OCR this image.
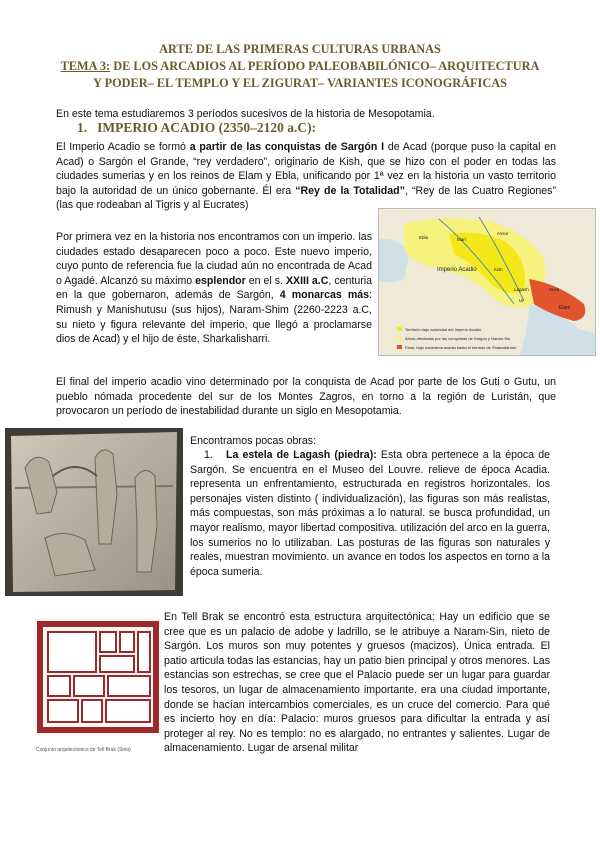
ARTE DE LAS PRIMERAS CULTURAS URBANAS
TEMA 3: DE LOS ARCADIOS AL PERÍODO PALEOBABILÓNICO– ARQUITECTURA
Y PODER– EL TEMPLO Y EL ZIGURAT– VARIANTES ICONOGRÁFICAS
En este tema estudiaremos 3 períodos sucesivos de la historia de Mesopotamia.
1. IMPERIO ACADIO (2350–2120 a.C):
El Imperio Acadio se formó a partir de las conquistas de Sargón I de Acad (porque puso la capital en Acad) o Sargón el Grande, “rey verdadero”, originario de Kish, que se hizo con el poder en todas las ciudades sumerias y en los reinos de Elam y Ebla, unificando por 1ª vez en la historia un vasto territorio bajo la autoridad de un único gobernante. Él era “Rey de la Totalidad”, “Rey de las Cuatro Regiones” (las que rodeaban al Tigris y al Eucrates)
Por primera vez en la historia nos encontramos con un imperio. las ciudades estado desaparecen poco a poco. Este nuevo imperio, cuyo punto de referencia fue la ciudad aún no encontrada de Acad o Agadé. Alcanzó su máximo esplendor en el s. XXIII a.C, centuria en la que gobernaron, además de Sargón, 4 monarcas más: Rimush y Manishutusu (sus hijos), Naram-Shim (2260-2223 a.C, su nieto y figura relevante del imperio, que llegó a proclamarse dios de Acad) y el hijo de éste, Sharkalisharri.
Imperio Acadio
Ebla	Mari
Assur
Kish
Lagash
Ur
Susa
Elam
Territorio bajo autoridad del Imperio Acadio
Áreas afectadas por las conquistas de Sargón y Naram-Sin
Elam, bajo soberanía acadia hasta el reinado de Sharkalisharri
El final del imperio acadio vino determinado por la conquista de Acad por parte de los Guti o Gutu, un pueblo nómada procedente del sur de los Montes Zagros, en torno a la región de Luristán, que provocaron un período de inestabilidad durante un siglo en Mesopotamia.
Encontramos pocas obras:
1. La estela de Lagash (piedra): Esta obra pertenece a la época de Sargón. Se encuentra en el Museo del Louvre. relieve de época Acadia. representa un enfrentamiento, estructurada en registros horizontales. los personajes visten distinto ( individualización), las figuras son más realistas, más compuestas, son más próximas a lo natural. se busca profundidad, un mayor realismo, mayor libertad compositiva. utilización del arco en la guerra, los sumerios no lo utilizaban. Las posturas de las figuras son naturales y reales, muestran movimiento. un avance en todos los aspectos en torno a la época sumeria.
Conjunto arquitectónico de Tell Brak (Siria)
En Tell Brak se encontró esta estructura arquitectónica: Hay un edificio que se cree que es un palacio de adobe y ladrillo, se le atribuye a Naram-Sin, nieto de Sargón. Los muros son muy potentes y gruesos (macizos). Única entrada. El patio articula todas las estancias, hay un patio bien principal y otros menores. Las estancias son estrechas, se cree que el Palacio puede ser un lugar para guardar los tesoros, un lugar de almacenamiento importante. era una ciudad importante, donde se hacían intercambios comerciales, es un cruce del comercio. Para qué es incierto hoy en día: Palacio: muros gruesos para dificultar la entrada y así proteger al rey. No es templo: no es alargado, no entrantes y salientes. Lugar de almacenamiento. Lugar de arsenal militar
